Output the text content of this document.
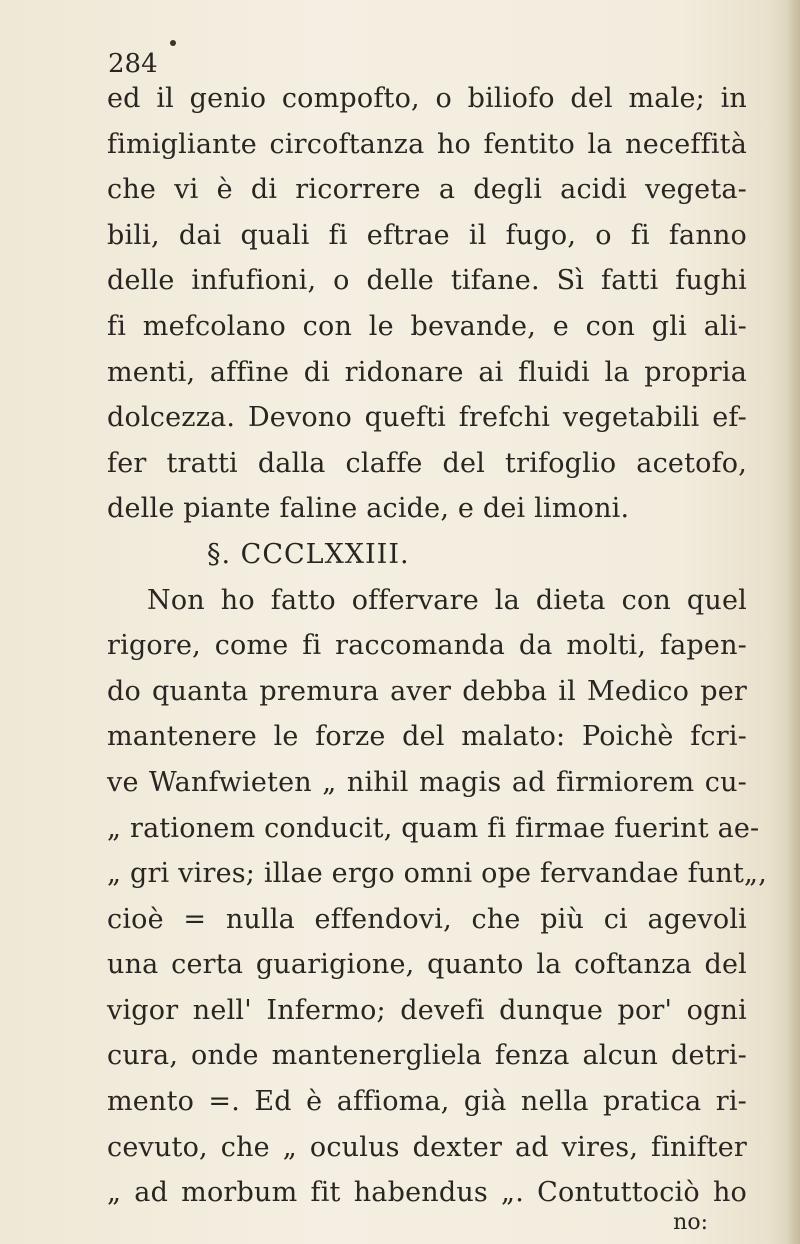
284

ed il genio compofto, o biliofo del male; in
fimigliante circoftanza ho fentito la neceffità
che vi è di ricorrere a degli acidi vegeta-
bili, dai quali fi eftrae il fugo, o fi fanno
delle infufioni, o delle tifane. Sì fatti fughi
fi mefcolano con le bevande, e con gli ali-
menti, affine di ridonare ai fluidi la propria
dolcezza. Devono quefti frefchi vegetabili ef-
fer tratti dalla claffe del trifoglio acetofo,
delle piante faline acide, e dei limoni.
§. CCCLXXIII.
Non ho fatto offervare la dieta con quel
rigore, come fi raccomanda da molti, fapen-
do quanta premura aver debba il Medico per
mantenere le forze del malato: Poichè fcri-
ve Wanfwieten „ nihil magis ad firmiorem cu-
„ rationem conducit, quam fi firmae fuerint ae-
„ gri vires; illae ergo omni ope fervandae funt„,
cioè = nulla effendovi, che più ci agevoli
una certa guarigione, quanto la coftanza del
vigor nell' Infermo; devefi dunque por' ogni
cura, onde mantenergliela fenza alcun detri-
mento =. Ed è affioma, già nella pratica ri-
cevuto, che „ oculus dexter ad vires, finifter
„ ad morbum fit habendus „. Contuttociò ho

no:
